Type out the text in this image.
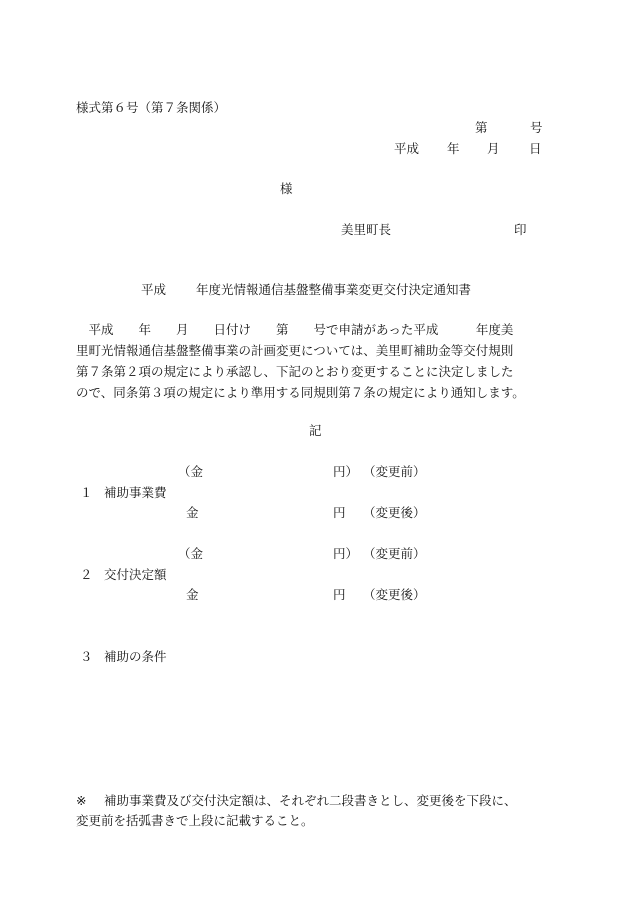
様式第６号（第７条関係）
第	号
平成 年 月 日
様
美里町長	印
平成 年度光情報通信基盤整備事業変更交付決定通知書
　平成　　年　　月　　日付け　　第　　号で申請があった平成　　　年度美
里町光情報通信基盤整備事業の計画変更については、美里町補助金等交付規則
第７条第２項の規定により承認し、下記のとおり変更することに決定しました
ので、同条第３項の規定により準用する同規則第７条の規定により通知します。
記
（金	円） （変更前）
１ 補助事業費
金	円 （変更後）
（金	円） （変更前）
２ 交付決定額
金	円 （変更後）
３ 補助の条件
※ 補助事業費及び交付決定額は、それぞれ二段書きとし、変更後を下段に、
変更前を括弧書きで上段に記載すること。
